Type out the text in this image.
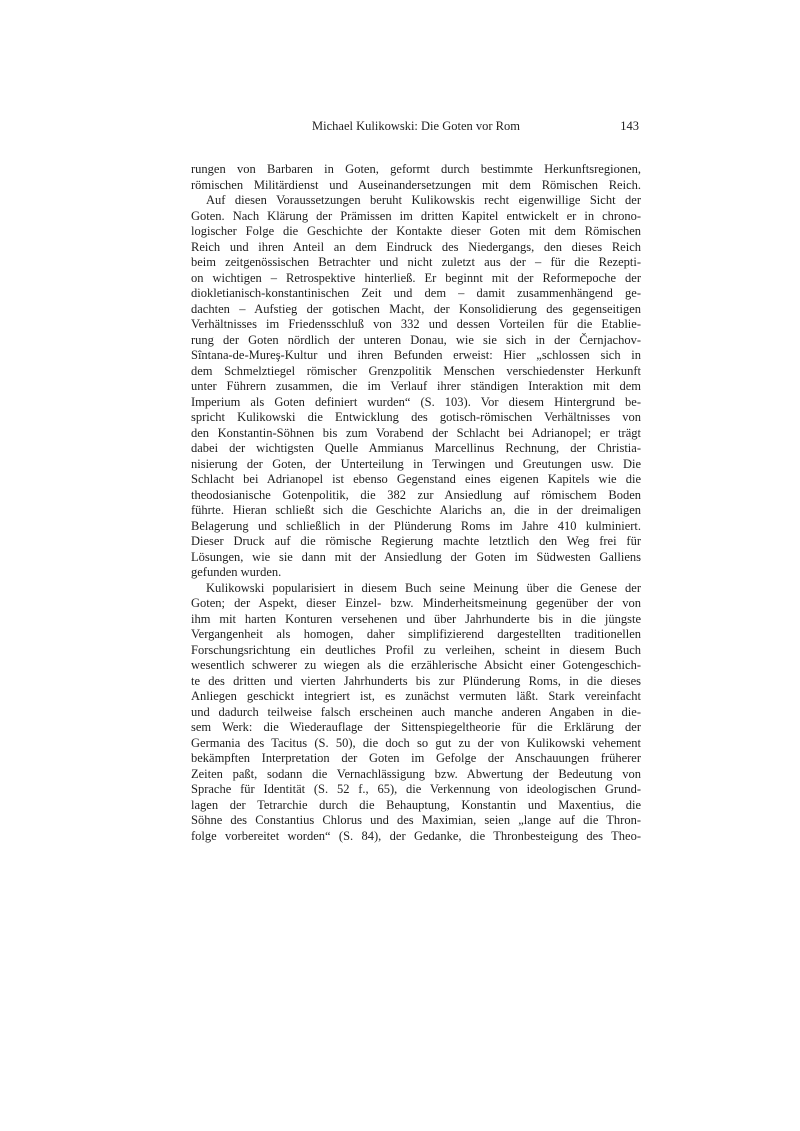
Michael Kulikowski: Die Goten vor Rom	143
rungen von Barbaren in Goten, geformt durch bestimmte Herkunftsregionen,
römischen Militärdienst und Auseinandersetzungen mit dem Römischen Reich.
Auf diesen Voraussetzungen beruht Kulikowskis recht eigenwillige Sicht der
Goten. Nach Klärung der Prämissen im dritten Kapitel entwickelt er in chrono-
logischer Folge die Geschichte der Kontakte dieser Goten mit dem Römischen
Reich und ihren Anteil an dem Eindruck des Niedergangs, den dieses Reich
beim zeitgenössischen Betrachter und nicht zuletzt aus der – für die Rezepti-
on wichtigen – Retrospektive hinterließ. Er beginnt mit der Reformepoche der
diokletianisch-konstantinischen Zeit und dem – damit zusammenhängend ge-
dachten – Aufstieg der gotischen Macht, der Konsolidierung des gegenseitigen
Verhältnisses im Friedensschluß von 332 und dessen Vorteilen für die Etablie-
rung der Goten nördlich der unteren Donau, wie sie sich in der Černjachov-
Sîntana-de-Mureş-Kultur und ihren Befunden erweist: Hier „schlossen sich in
dem Schmelztiegel römischer Grenzpolitik Menschen verschiedenster Herkunft
unter Führern zusammen, die im Verlauf ihrer ständigen Interaktion mit dem
Imperium als Goten definiert wurden“ (S. 103). Vor diesem Hintergrund be-
spricht Kulikowski die Entwicklung des gotisch-römischen Verhältnisses von
den Konstantin-Söhnen bis zum Vorabend der Schlacht bei Adrianopel; er trägt
dabei der wichtigsten Quelle Ammianus Marcellinus Rechnung, der Christia-
nisierung der Goten, der Unterteilung in Terwingen und Greutungen usw. Die
Schlacht bei Adrianopel ist ebenso Gegenstand eines eigenen Kapitels wie die
theodosianische Gotenpolitik, die 382 zur Ansiedlung auf römischem Boden
führte. Hieran schließt sich die Geschichte Alarichs an, die in der dreimaligen
Belagerung und schließlich in der Plünderung Roms im Jahre 410 kulminiert.
Dieser Druck auf die römische Regierung machte letztlich den Weg frei für
Lösungen, wie sie dann mit der Ansiedlung der Goten im Südwesten Galliens
gefunden wurden.
Kulikowski popularisiert in diesem Buch seine Meinung über die Genese der
Goten; der Aspekt, dieser Einzel- bzw. Minderheitsmeinung gegenüber der von
ihm mit harten Konturen versehenen und über Jahrhunderte bis in die jüngste
Vergangenheit als homogen, daher simplifizierend dargestellten traditionellen
Forschungsrichtung ein deutliches Profil zu verleihen, scheint in diesem Buch
wesentlich schwerer zu wiegen als die erzählerische Absicht einer Gotengeschich-
te des dritten und vierten Jahrhunderts bis zur Plünderung Roms, in die dieses
Anliegen geschickt integriert ist, es zunächst vermuten läßt. Stark vereinfacht
und dadurch teilweise falsch erscheinen auch manche anderen Angaben in die-
sem Werk: die Wiederauflage der Sittenspiegeltheorie für die Erklärung der
Germania des Tacitus (S. 50), die doch so gut zu der von Kulikowski vehement
bekämpften Interpretation der Goten im Gefolge der Anschauungen früherer
Zeiten paßt, sodann die Vernachlässigung bzw. Abwertung der Bedeutung von
Sprache für Identität (S. 52 f., 65), die Verkennung von ideologischen Grund-
lagen der Tetrarchie durch die Behauptung, Konstantin und Maxentius, die
Söhne des Constantius Chlorus und des Maximian, seien „lange auf die Thron-
folge vorbereitet worden“ (S. 84), der Gedanke, die Thronbesteigung des Theo-
